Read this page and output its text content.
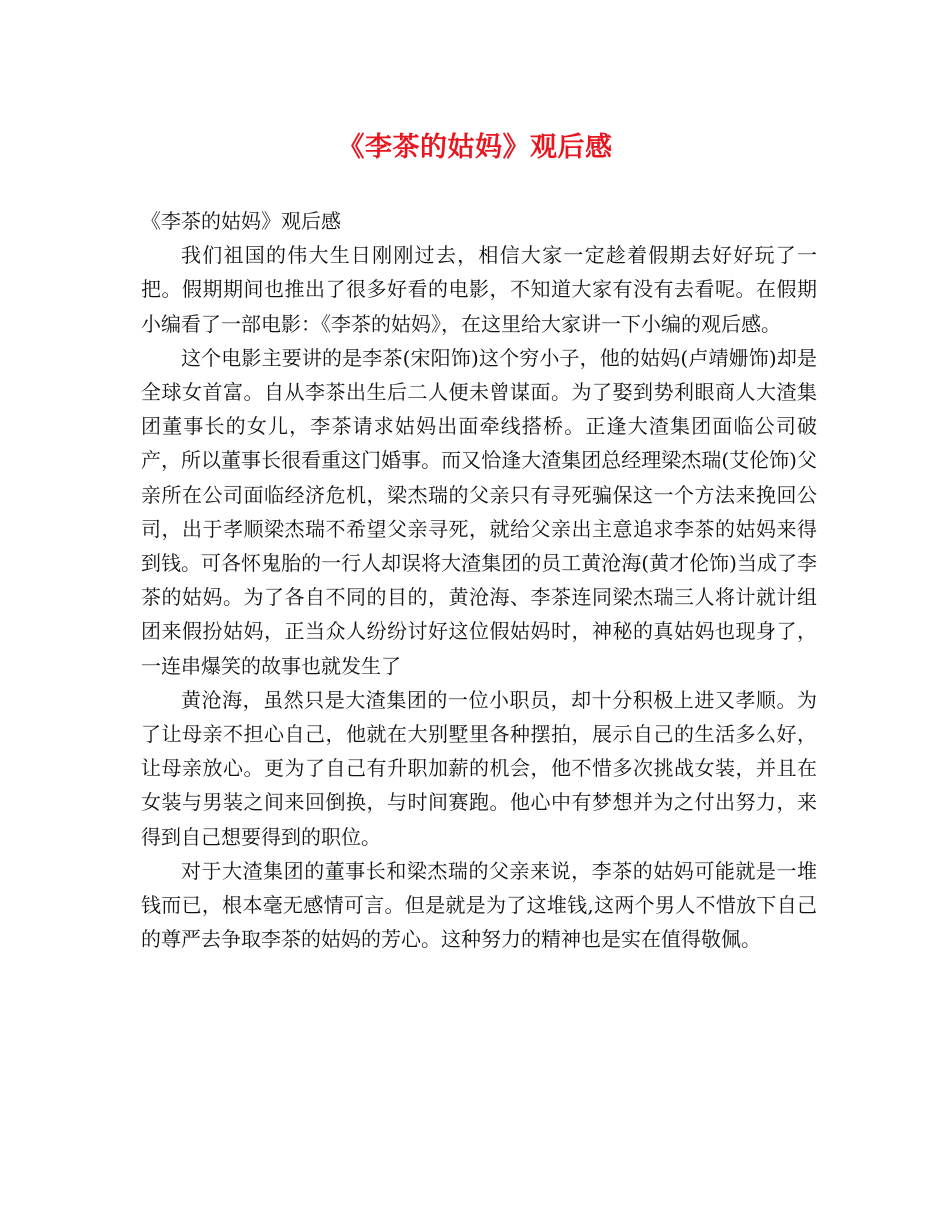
《李茶的姑妈》观后感

《李茶的姑妈》观后感

我们祖国的伟大生日刚刚过去，相信大家一定趁着假期去好好玩了一把。假期期间也推出了很多好看的电影，不知道大家有没有去看呢。在假期小编看了一部电影：《李茶的姑妈》，在这里给大家讲一下小编的观后感。

这个电影主要讲的是李茶(宋阳饰)这个穷小子，他的姑妈(卢靖姗饰)却是全球女首富。自从李茶出生后二人便未曾谋面。为了娶到势利眼商人大渣集团董事长的女儿，李茶请求姑妈出面牵线搭桥。正逢大渣集团面临公司破产，所以董事长很看重这门婚事。而又恰逢大渣集团总经理梁杰瑞(艾伦饰)父亲所在公司面临经济危机，梁杰瑞的父亲只有寻死骗保这一个方法来挽回公司，出于孝顺梁杰瑞不希望父亲寻死，就给父亲出主意追求李茶的姑妈来得到钱。可各怀鬼胎的一行人却误将大渣集团的员工黄沧海(黄才伦饰)当成了李茶的姑妈。为了各自不同的目的，黄沧海、李茶连同梁杰瑞三人将计就计组团来假扮姑妈，正当众人纷纷讨好这位假姑妈时，神秘的真姑妈也现身了，一连串爆笑的故事也就发生了

黄沧海，虽然只是大渣集团的一位小职员，却十分积极上进又孝顺。为了让母亲不担心自己，他就在大别墅里各种摆拍，展示自己的生活多么好，让母亲放心。更为了自己有升职加薪的机会，他不惜多次挑战女装，并且在女装与男装之间来回倒换，与时间赛跑。他心中有梦想并为之付出努力，来得到自己想要得到的职位。

对于大渣集团的董事长和梁杰瑞的父亲来说，李茶的姑妈可能就是一堆钱而已，根本毫无感情可言。但是就是为了这堆钱,这两个男人不惜放下自己的尊严去争取李茶的姑妈的芳心。这种努力的精神也是实在值得敬佩。
